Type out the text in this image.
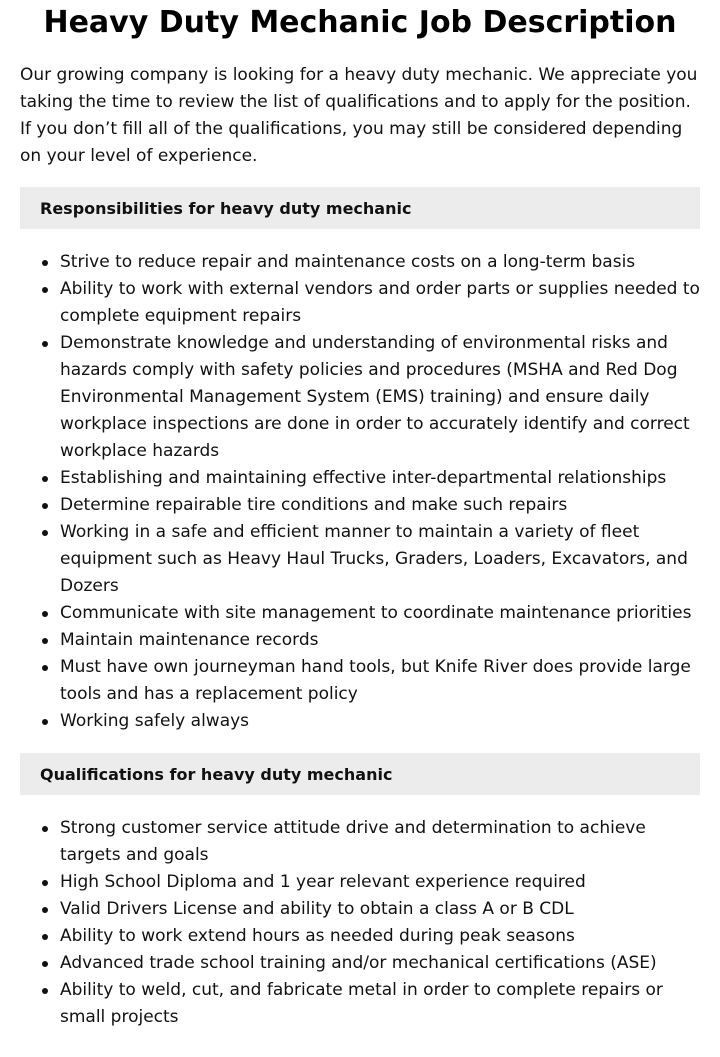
Heavy Duty Mechanic Job Description

Our growing company is looking for a heavy duty mechanic. We appreciate you taking the time to review the list of qualifications and to apply for the position. If you don’t fill all of the qualifications, you may still be considered depending on your level of experience.

Responsibilities for heavy duty mechanic
Strive to reduce repair and maintenance costs on a long-term basis
Ability to work with external vendors and order parts or supplies needed to complete equipment repairs
Demonstrate knowledge and understanding of environmental risks and hazards comply with safety policies and procedures (MSHA and Red Dog Environmental Management System (EMS) training) and ensure daily workplace inspections are done in order to accurately identify and correct workplace hazards
Establishing and maintaining effective inter-departmental relationships
Determine repairable tire conditions and make such repairs
Working in a safe and efficient manner to maintain a variety of fleet equipment such as Heavy Haul Trucks, Graders, Loaders, Excavators, and Dozers
Communicate with site management to coordinate maintenance priorities
Maintain maintenance records
Must have own journeyman hand tools, but Knife River does provide large tools and has a replacement policy
Working safely always
Qualifications for heavy duty mechanic
Strong customer service attitude drive and determination to achieve targets and goals
High School Diploma and 1 year relevant experience required
Valid Drivers License and ability to obtain a class A or B CDL
Ability to work extend hours as needed during peak seasons
Advanced trade school training and/or mechanical certifications (ASE)
Ability to weld, cut, and fabricate metal in order to complete repairs or small projects
